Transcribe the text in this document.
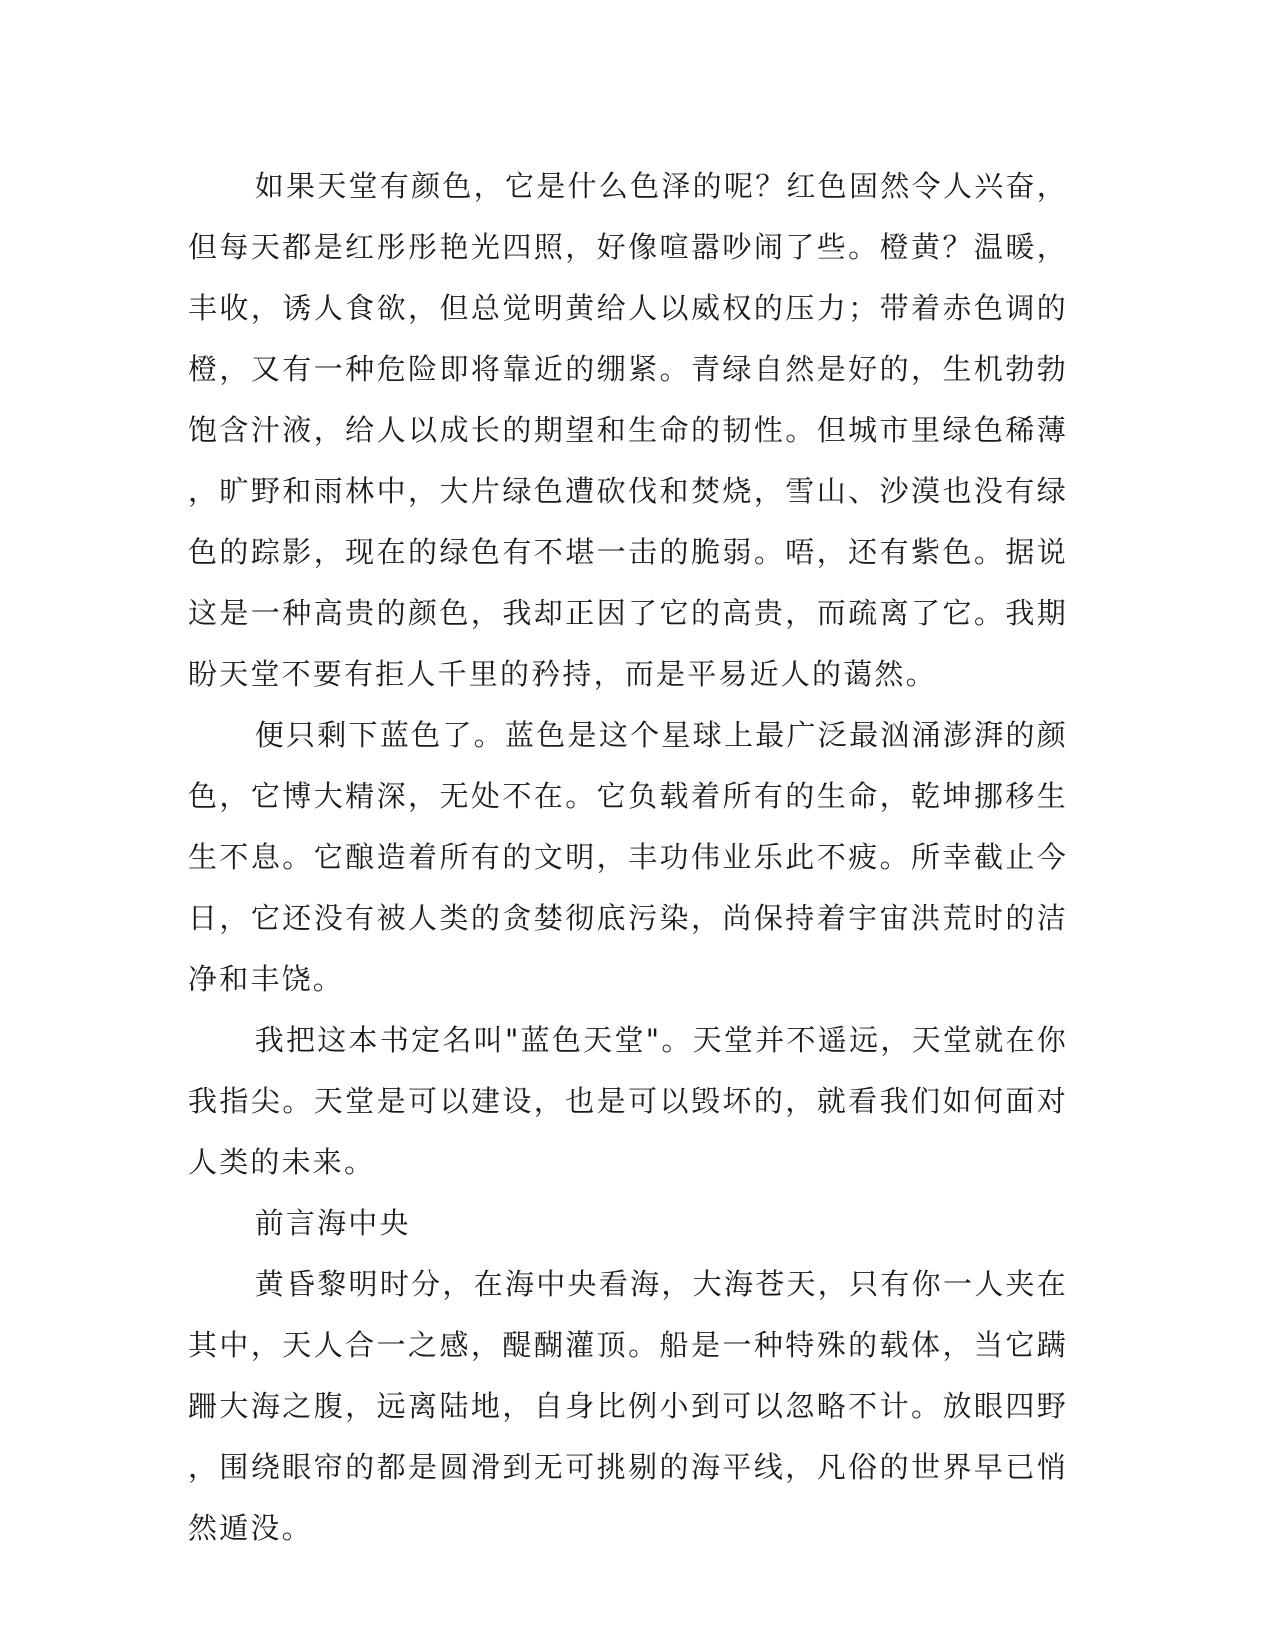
如果天堂有颜色，它是什么色泽的呢？红色固然令人兴奋，但每天都是红彤彤艳光四照，好像喧嚣吵闹了些。橙黄？温暖，丰收，诱人食欲，但总觉明黄给人以威权的压力；带着赤色调的橙，又有一种危险即将靠近的绷紧。青绿自然是好的，生机勃勃饱含汁液，给人以成长的期望和生命的韧性。但城市里绿色稀薄，旷野和雨林中，大片绿色遭砍伐和焚烧，雪山、沙漠也没有绿色的踪影，现在的绿色有不堪一击的脆弱。唔，还有紫色。据说这是一种高贵的颜色，我却正因了它的高贵，而疏离了它。我期盼天堂不要有拒人千里的矜持，而是平易近人的蔼然。

便只剩下蓝色了。蓝色是这个星球上最广泛最汹涌澎湃的颜色，它博大精深，无处不在。它负载着所有的生命，乾坤挪移生生不息。它酿造着所有的文明，丰功伟业乐此不疲。所幸截止今日，它还没有被人类的贪婪彻底污染，尚保持着宇宙洪荒时的洁净和丰饶。

我把这本书定名叫"蓝色天堂"。天堂并不遥远，天堂就在你我指尖。天堂是可以建设，也是可以毁坏的，就看我们如何面对人类的未来。

前言海中央

黄昏黎明时分，在海中央看海，大海苍天，只有你一人夹在其中，天人合一之感，醍醐灌顶。船是一种特殊的载体，当它蹒跚大海之腹，远离陆地，自身比例小到可以忽略不计。放眼四野，围绕眼帘的都是圆滑到无可挑剔的海平线，凡俗的世界早已悄然遁没。
